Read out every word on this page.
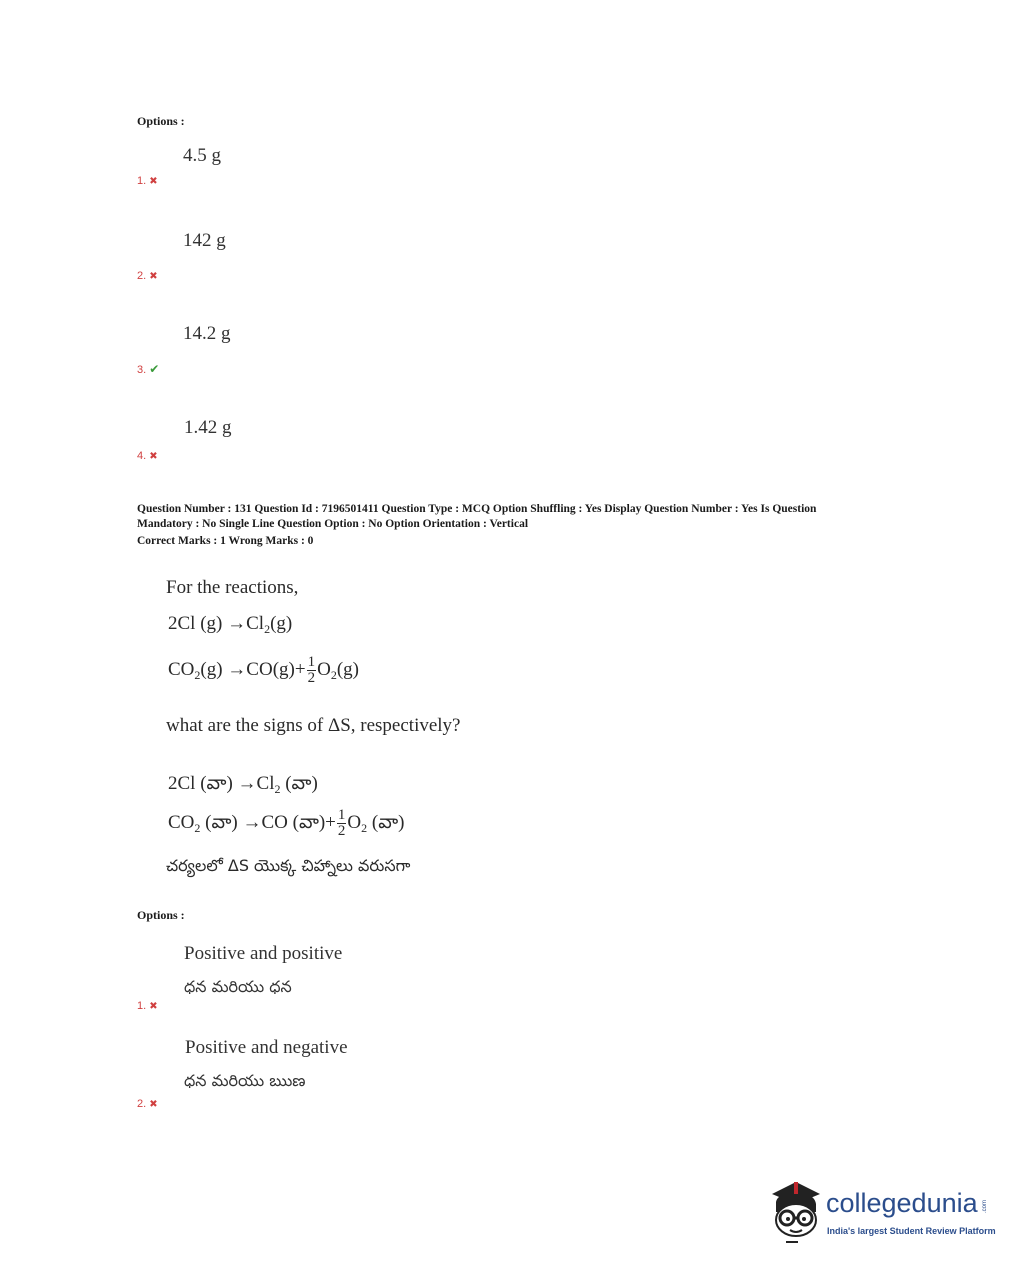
Options :
4.5 g
1. ✖
142 g
2. ✖
14.2 g
3. ✔
1.42 g
4. ✖
Question Number : 131 Question Id : 7196501411 Question Type : MCQ Option Shuffling : Yes Display Question Number : Yes Is Question
Mandatory : No Single Line Question Option : No Option Orientation : Vertical
Correct Marks : 1 Wrong Marks : 0
For the reactions,
2Cl $(g) \to Cl_2(g)$
$CO_2(g) \to CO(g)+ \frac{1}{2} O_2(g)$
what are the signs of ΔS, respectively?
2Cl (వా) $\to Cl_2$ (వా)
$CO_2$ (వా) →CO (వా)+ $\frac{1}{2} O_2$ (వా)
చర్యలలో ΔS యొక్క చిహ్నాలు వరుసగా
Options :
Positive and positive
ధన మరియు ధన
1. ✖
Positive and negative
ధన మరియు ఋణ
2. ✖
collegedunia .com
India's largest Student Review Platform
